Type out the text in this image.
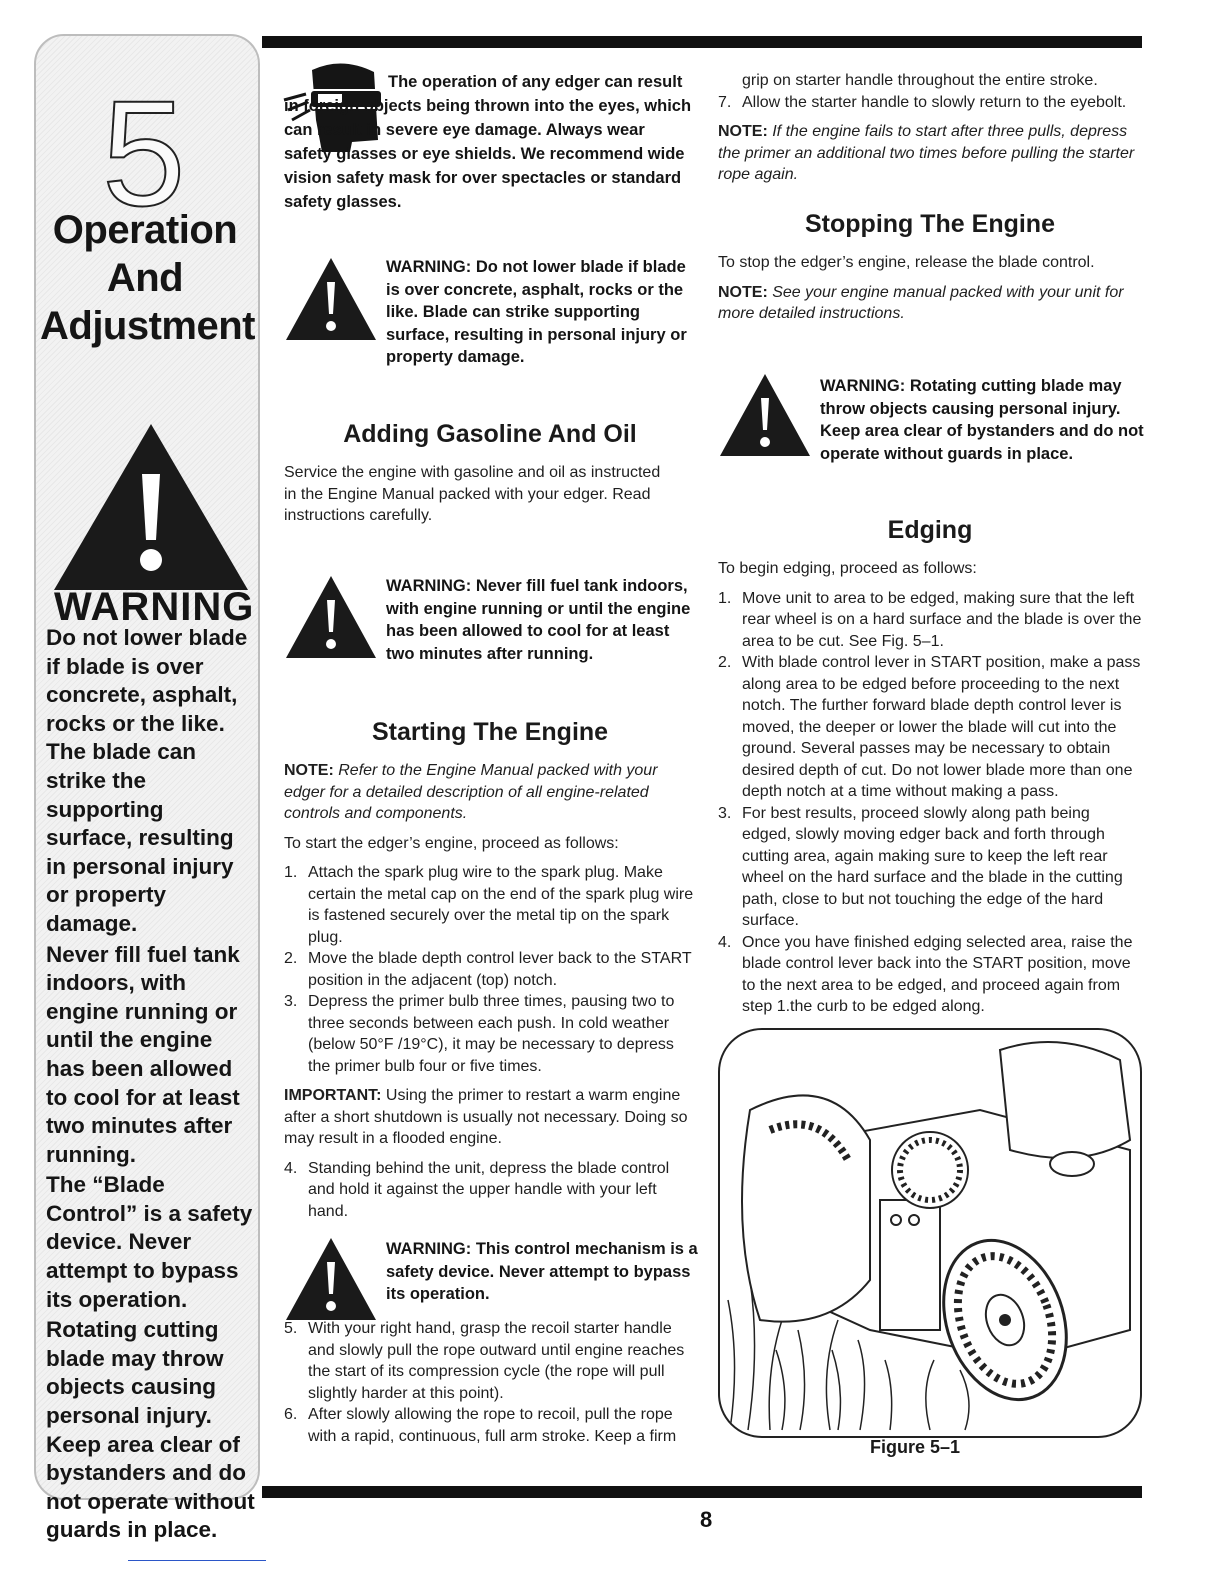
5
Operation
And
Adjustment
WARNING

Do not lower blade if blade is over concrete, asphalt, rocks or the like. The blade can strike the supporting surface, resulting in personal injury or property damage.

Never fill fuel tank indoors, with engine running or until the engine has been allowed to cool for at least two minutes after running.

The “Blade Control” is a safety device. Never attempt to bypass its operation.

Rotating cutting blade may throw objects causing personal injury. Keep area clear of bystanders and do not operate without guards in place.

The operation of any edger can result in foreign objects being thrown into the eyes, which can result in severe eye damage. Always wear safety glasses or eye shields. We recommend wide vision safety mask for over spectacles or standard safety glasses.
WARNING: Do not lower blade if blade is over concrete, asphalt, rocks or the like. Blade can strike supporting surface, resulting in personal injury or property damage.
Adding Gasoline And Oil
Service the engine with gasoline and oil as instructed in the Engine Manual packed with your edger. Read instructions carefully.
WARNING: Never fill fuel tank indoors, with engine running or until the engine has been allowed to cool for at least two minutes after running.
Starting The Engine

NOTE: Refer to the Engine Manual packed with your edger for a detailed description of all engine-related controls and components.

To start the edger’s engine, proceed as follows:

1. Attach the spark plug wire to the spark plug. Make certain the metal cap on the end of the spark plug wire is fastened securely over the metal tip on the spark plug.
2. Move the blade depth control lever back to the START position in the adjacent (top) notch.
3. Depress the primer bulb three times, pausing two to three seconds between each push. In cold weather (below 50°F /19°C), it may be necessary to depress the primer bulb four or five times.

IMPORTANT: Using the primer to restart a warm engine after a short shutdown is usually not necessary. Doing so may result in a flooded engine.

4. Standing behind the unit, depress the blade control and hold it against the upper handle with your left hand.
WARNING: This control mechanism is a safety device. Never attempt to bypass its operation.
5. With your right hand, grasp the recoil starter handle and slowly pull the rope outward until engine reaches the start of its compression cycle (the rope will pull slightly harder at this point).
6. After slowly allowing the rope to recoil, pull the rope with a rapid, continuous, full arm stroke. Keep a firm

grip on starter handle throughout the entire stroke.

7. Allow the starter handle to slowly return to the eyebolt.

NOTE: If the engine fails to start after three pulls, depress the primer an additional two times before pulling the starter rope again.

Stopping The Engine

To stop the edger’s engine, release the blade control.

NOTE: See your engine manual packed with your unit for more detailed instructions.

WARNING: Rotating cutting blade may throw objects causing personal injury. Keep area clear of bystanders and do not operate without guards in place.
Edging

To begin edging, proceed as follows:

1. Move unit to area to be edged, making sure that the left rear wheel is on a hard surface and the blade is over the area to be cut. See Fig. 5–1.
2. With blade control lever in START position, make a pass along area to be edged before proceeding to the next notch. The further forward blade depth control lever is moved, the deeper or lower the blade will cut into the ground. Several passes may be necessary to obtain desired depth of cut. Do not lower blade more than one depth notch at a time without making a pass.
3. For best results, proceed slowly along path being edged, slowly moving edger back and forth through cutting area, again making sure to keep the left rear wheel on the hard surface and the blade in the cutting path, close to but not touching the edge of the hard surface.
4. Once you have finished edging selected area, raise the blade control lever back into the START position, move to the next area to be edged, and proceed again from step 1.the curb to be edged along.
Figure 5–1
8
